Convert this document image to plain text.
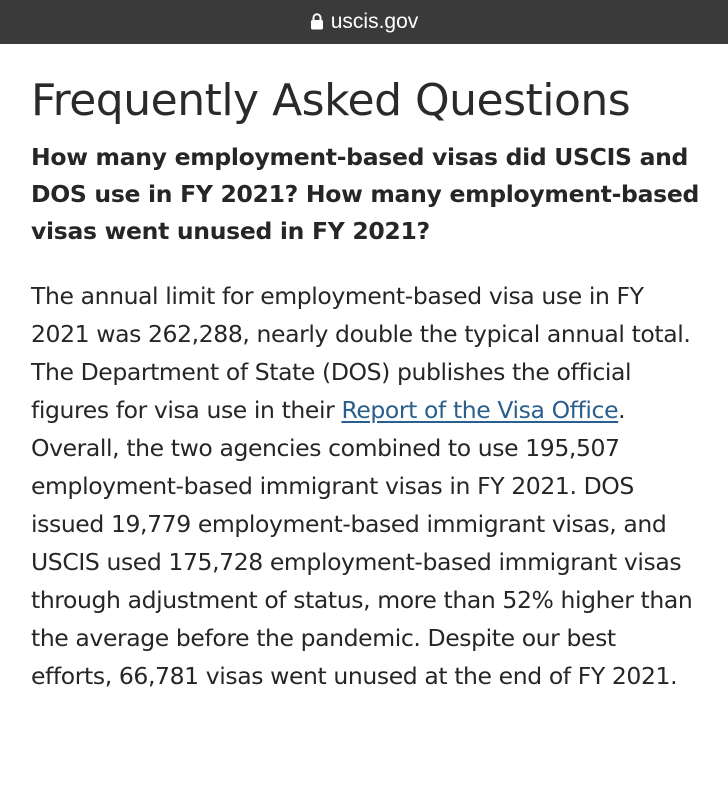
uscis.gov
Frequently Asked Questions
How many employment-based visas did USCIS and DOS use in FY 2021? How many employment-based visas went unused in FY 2021?

The annual limit for employment-based visa use in FY 2021 was 262,288, nearly double the typical annual total. The Department of State (DOS) publishes the official figures for visa use in their Report of the Visa Office. Overall, the two agencies combined to use 195,507 employment-based immigrant visas in FY 2021. DOS issued 19,779 employment-based immigrant visas, and USCIS used 175,728 employment-based immigrant visas through adjustment of status, more than 52% higher than the average before the pandemic. Despite our best efforts, 66,781 visas went unused at the end of FY 2021.
